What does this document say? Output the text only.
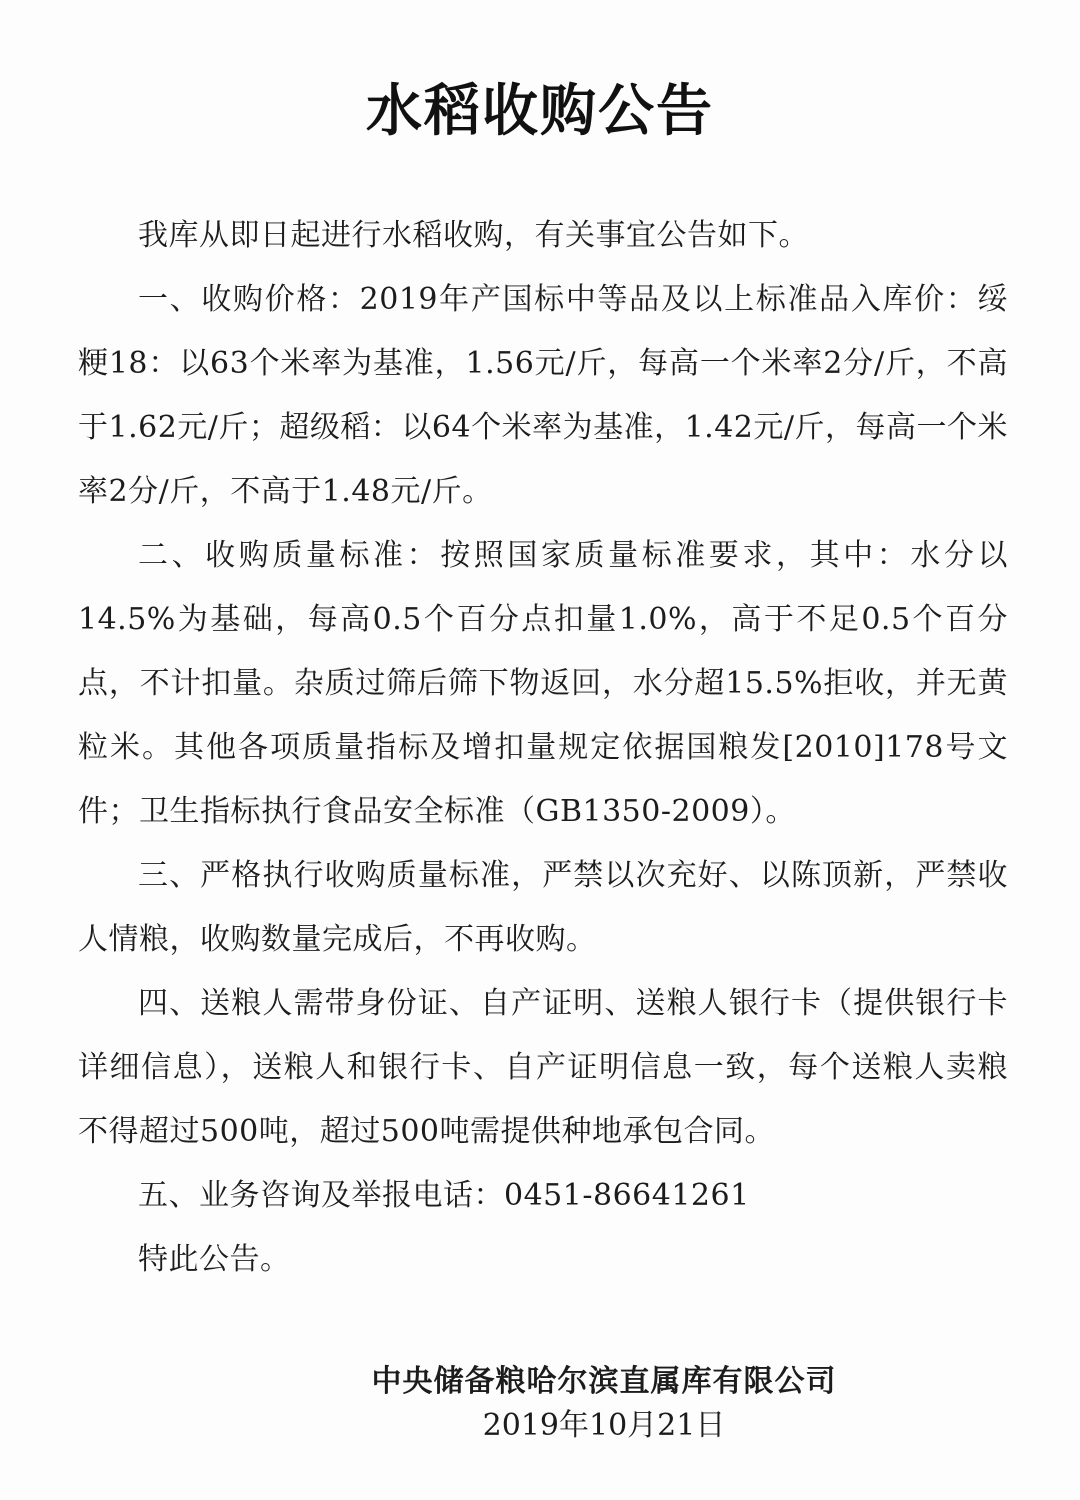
水稻收购公告

我库从即日起进行水稻收购，有关事宜公告如下。

一、收购价格：2019年产国标中等品及以上标准品入库价：绥粳18：以63个米率为基准，1.56元/斤，每高一个米率2分/斤，不高于1.62元/斤；超级稻：以64个米率为基准，1.42元/斤，每高一个米率2分/斤，不高于1.48元/斤。

二、收购质量标准：按照国家质量标准要求，其中：水分以14.5%为基础，每高0.5个百分点扣量1.0%，高于不足0.5个百分点，不计扣量。杂质过筛后筛下物返回，水分超15.5%拒收，并无黄粒米。其他各项质量指标及增扣量规定依据国粮发[2010]178号文件；卫生指标执行食品安全标准（GB1350-2009）。

三、严格执行收购质量标准，严禁以次充好、以陈顶新，严禁收人情粮，收购数量完成后，不再收购。

四、送粮人需带身份证、自产证明、送粮人银行卡（提供银行卡详细信息），送粮人和银行卡、自产证明信息一致，每个送粮人卖粮不得超过500吨，超过500吨需提供种地承包合同。

五、业务咨询及举报电话：0451-86641261

特此公告。

中央储备粮哈尔滨直属库有限公司
2019年10月21日
